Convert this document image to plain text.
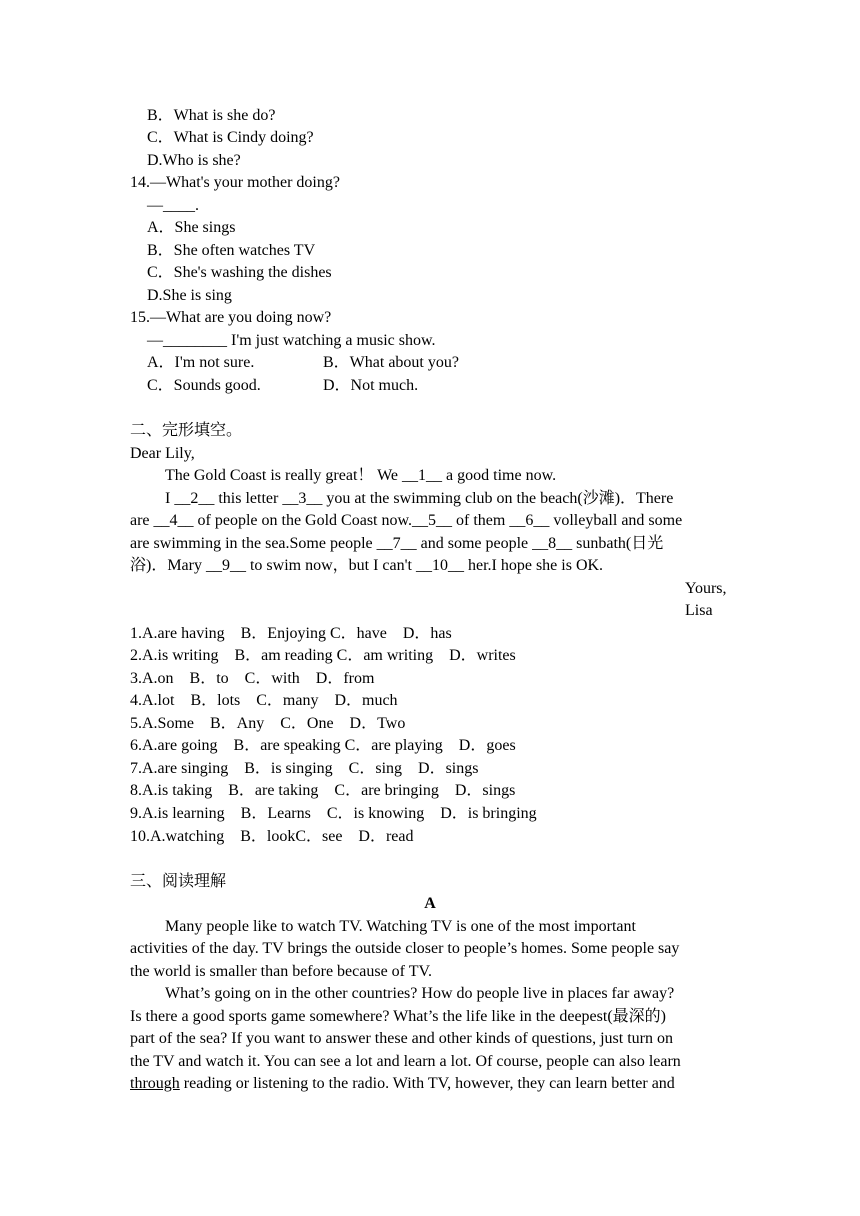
B．What is she do?
C．What is Cindy doing?
D.Who is she?
14.—What's your mother doing?
—____.
A．She sings
B．She often watches TV
C．She's washing the dishes
D.She is sing
15.—What are you doing now?
—________ I'm just watching a music show.
A．I'm not sure.	B．What about you?
C．Sounds good.	D．Not much.
二、完形填空。
Dear Lily,
The Gold Coast is really great！ We __1__ a good time now.
I __2__ this letter __3__ you at the swimming club on the beach(沙滩)．There
are __4__ of people on the Gold Coast now.__5__ of them __6__ volleyball and some
are swimming in the sea.Some people __7__ and some people __8__ sunbath(日光
浴)．Mary __9__ to swim now，but I can't __10__ her.I hope she is OK.
Yours,
Lisa
1.A.are having    B．Enjoying C．have    D．has
2.A.is writing    B．am reading C．am writing    D．writes
3.A.on    B．to    C．with    D．from
4.A.lot    B．lots    C．many    D．much
5.A.Some    B．Any    C．One    D．Two
6.A.are going    B．are speaking C．are playing    D．goes
7.A.are singing    B．is singing    C．sing    D．sings
8.A.is taking    B．are taking    C．are bringing    D．sings
9.A.is learning    B．Learns    C．is knowing    D．is bringing
10.A.watching    B．lookC．see    D．read
三、阅读理解
A
Many people like to watch TV. Watching TV is one of the most important
activities of the day. TV brings the outside closer to people’s homes. Some people say
the world is smaller than before because of TV.
What’s going on in the other countries? How do people live in places far away?
Is there a good sports game somewhere? What’s the life like in the deepest(最深的)
part of the sea? If you want to answer these and other kinds of questions, just turn on
the TV and watch it. You can see a lot and learn a lot. Of course, people can also learn
through reading or listening to the radio. With TV, however, they can learn better and
